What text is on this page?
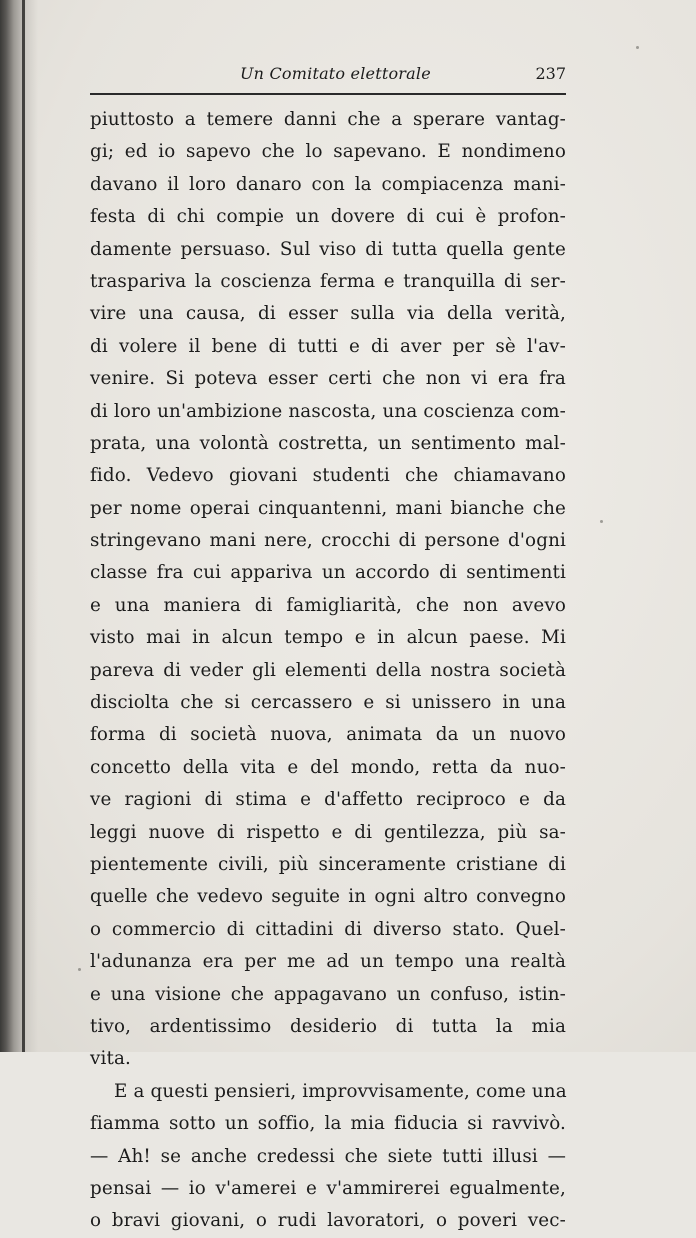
Un Comitato elettorale	237
piuttosto a temere danni che a sperare vantag-
gi; ed io sapevo che lo sapevano. E nondimeno
davano il loro danaro con la compiacenza mani-
festa di chi compie un dovere di cui è profon-
damente persuaso. Sul viso di tutta quella gente
traspariva la coscienza ferma e tranquilla di ser-
vire una causa, di esser sulla via della verità,
di volere il bene di tutti e di aver per sè l'av-
venire. Si poteva esser certi che non vi era fra
di loro un'ambizione nascosta, una coscienza com-
prata, una volontà costretta, un sentimento mal-
fido. Vedevo giovani studenti che chiamavano
per nome operai cinquantenni, mani bianche che
stringevano mani nere, crocchi di persone d'ogni
classe fra cui appariva un accordo di sentimenti
e una maniera di famigliarità, che non avevo
visto mai in alcun tempo e in alcun paese. Mi
pareva di veder gli elementi della nostra società
disciolta che si cercassero e si unissero in una
forma di società nuova, animata da un nuovo
concetto della vita e del mondo, retta da nuo-
ve ragioni di stima e d'affetto reciproco e da
leggi nuove di rispetto e di gentilezza, più sa-
pientemente civili, più sinceramente cristiane di
quelle che vedevo seguite in ogni altro convegno
o commercio di cittadini di diverso stato. Quel-
l'adunanza era per me ad un tempo una realtà
e una visione che appagavano un confuso, istin-
tivo, ardentissimo desiderio di tutta la mia
vita.
E a questi pensieri, improvvisamente, come una
fiamma sotto un soffio, la mia fiducia si ravvivò.
— Ah! se anche credessi che siete tutti illusi —
pensai — io v'amerei e v'ammirerei egualmente,
o bravi giovani, o rudi lavoratori, o poveri vec-
